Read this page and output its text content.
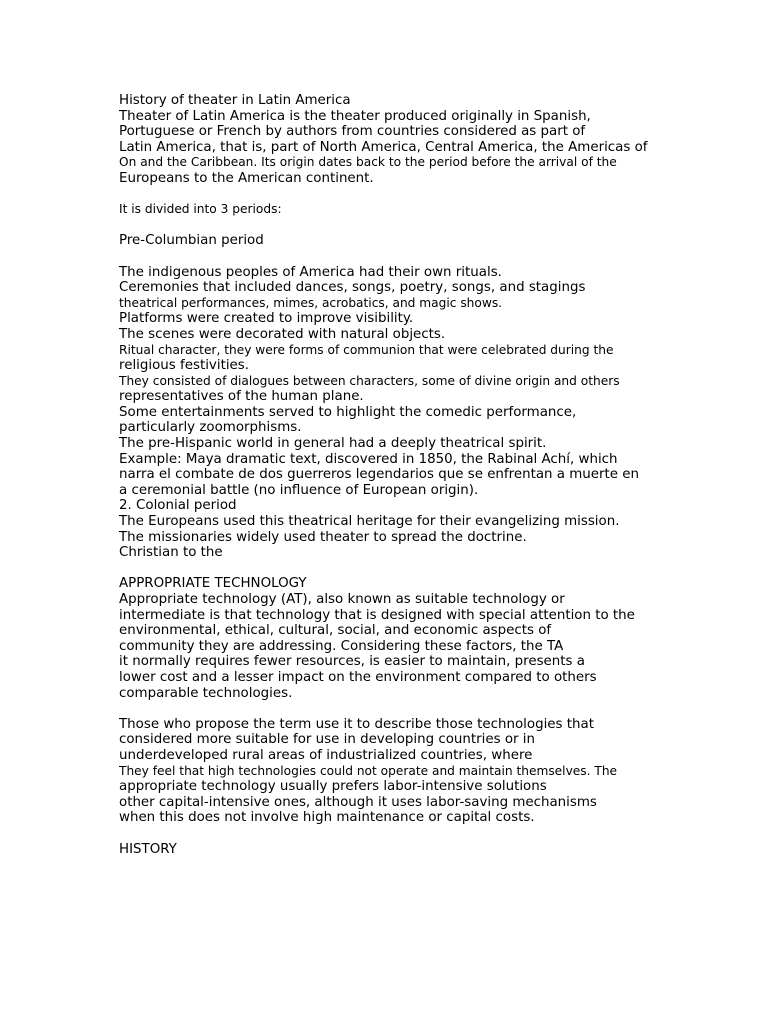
History of theater in Latin America
Theater of Latin America is the theater produced originally in Spanish,
Portuguese or French by authors from countries considered as part of
Latin America, that is, part of North America, Central America, the Americas of
On and the Caribbean. Its origin dates back to the period before the arrival of the
Europeans to the American continent.
It is divided into 3 periods:
Pre-Columbian period
The indigenous peoples of America had their own rituals.
Ceremonies that included dances, songs, poetry, songs, and stagings
theatrical performances, mimes, acrobatics, and magic shows.
Platforms were created to improve visibility.
The scenes were decorated with natural objects.
Ritual character, they were forms of communion that were celebrated during the
religious festivities.
They consisted of dialogues between characters, some of divine origin and others
representatives of the human plane.
Some entertainments served to highlight the comedic performance,
particularly zoomorphisms.
The pre-Hispanic world in general had a deeply theatrical spirit.
Example: Maya dramatic text, discovered in 1850, the Rabinal Achí, which
narra el combate de dos guerreros legendarios que se enfrentan a muerte en
a ceremonial battle (no influence of European origin).
2. Colonial period
The Europeans used this theatrical heritage for their evangelizing mission.
The missionaries widely used theater to spread the doctrine.
Christian to the
APPROPRIATE TECHNOLOGY
Appropriate technology (AT), also known as suitable technology or
intermediate is that technology that is designed with special attention to the
environmental, ethical, cultural, social, and economic aspects of
community they are addressing. Considering these factors, the TA
it normally requires fewer resources, is easier to maintain, presents a
lower cost and a lesser impact on the environment compared to others
comparable technologies.
Those who propose the term use it to describe those technologies that
considered more suitable for use in developing countries or in
underdeveloped rural areas of industrialized countries, where
They feel that high technologies could not operate and maintain themselves. The
appropriate technology usually prefers labor-intensive solutions
other capital-intensive ones, although it uses labor-saving mechanisms
when this does not involve high maintenance or capital costs.
HISTORY
